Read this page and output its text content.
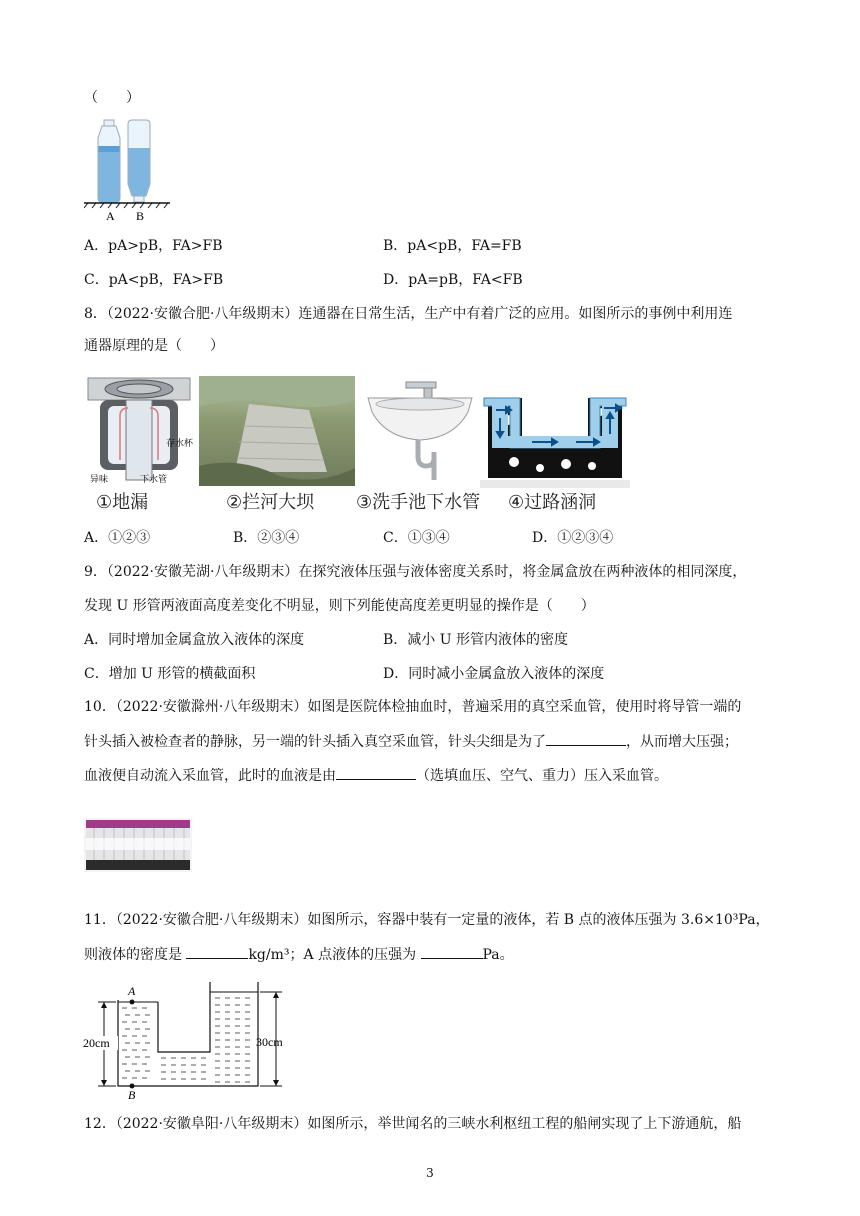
（　　）
A B
A．pA>pB，FA>FB	B．pA<pB，FA=FB
C．pA<pB，FA>FB	D．pA=pB，FA<FB
8．（2022·安徽合肥·八年级期末）连通器在日常生活，生产中有着广泛的应用。如图所示的事例中利用连
通器原理的是（　　）
存水杯
异味	下水管
①地漏	②拦河大坝 ③洗手池下水管 ④过路涵洞
A．①②③	B．②③④	C．①③④	D．①②③④
9．（2022·安徽芜湖·八年级期末）在探究液体压强与液体密度关系时，将金属盒放在两种液体的相同深度，
发现 U 形管两液面高度差变化不明显，则下列能使高度差更明显的操作是（　　）
A．同时增加金属盒放入液体的深度	B．减小 U 形管内液体的密度
C．增加 U 形管的横截面积	D．同时减小金属盒放入液体的深度
10．（2022·安徽滁州·八年级期末）如图是医院体检抽血时，普遍采用的真空采血管，使用时将导管一端的
针头插入被检查者的静脉，另一端的针头插入真空采血管，针头尖细是为了	，从而增大压强；
血液便自动流入采血管，此时的血液是由	（选填血压、空气、重力）压入采血管。
11．（2022·安徽合肥·八年级期末）如图所示，容器中装有一定量的液体，若 B 点的液体压强为 3.6×10³Pa，
则液体的密度是	kg/m³；A 点液体的压强为	Pa。
A
B
20cm	30cm
12．（2022·安徽阜阳·八年级期末）如图所示，举世闻名的三峡水利枢纽工程的船闸实现了上下游通航，船
3
